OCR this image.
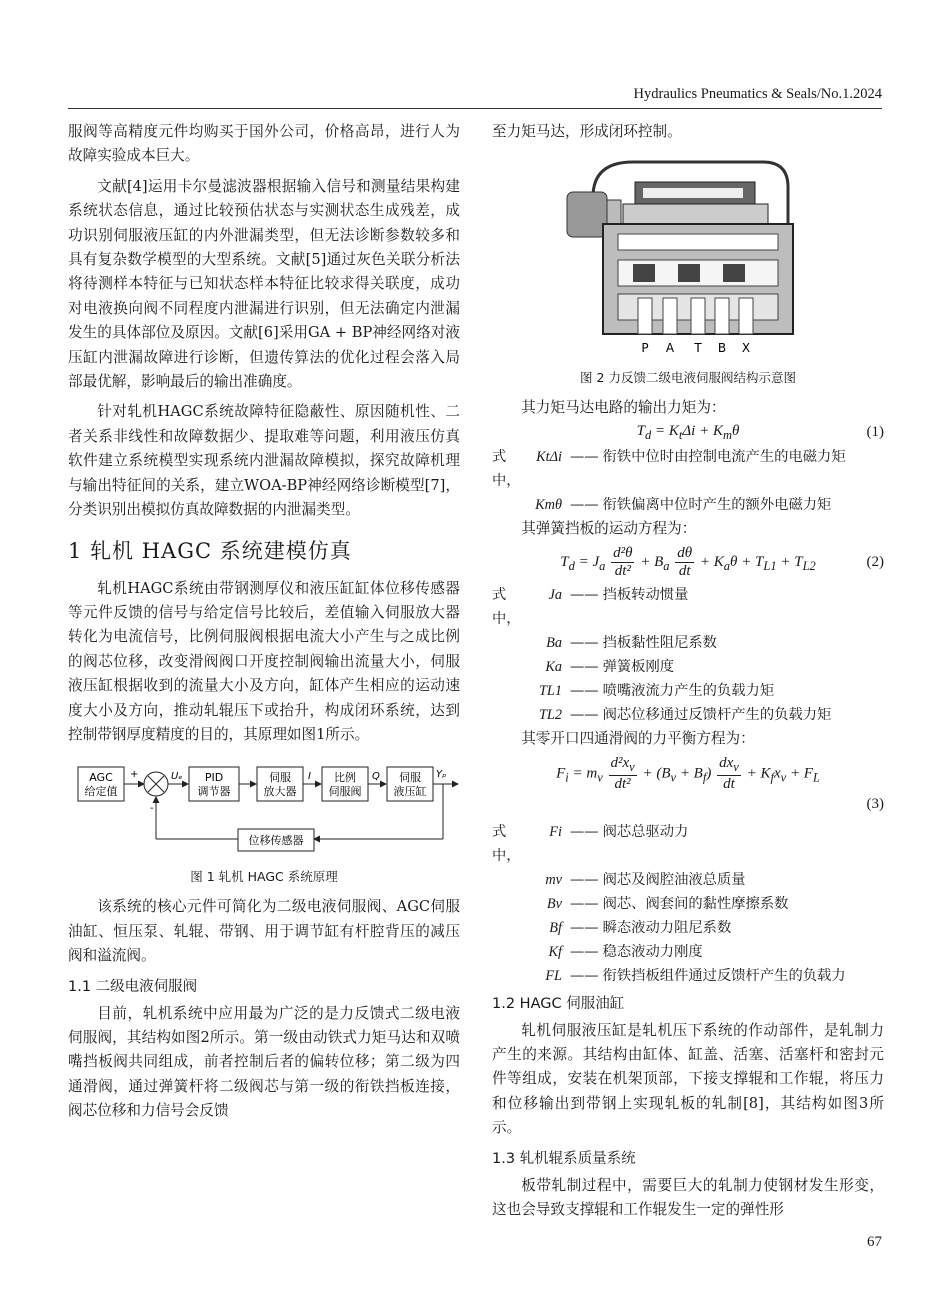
Hydraulics Pneumatics & Seals/No.1.2024

服阀等高精度元件均购买于国外公司，价格高昂，进行人为故障实验成本巨大。

文献[4]运用卡尔曼滤波器根据输入信号和测量结果构建系统状态信息，通过比较预估状态与实测状态生成残差，成功识别伺服液压缸的内外泄漏类型，但无法诊断参数较多和具有复杂数学模型的大型系统。文献[5]通过灰色关联分析法将待测样本特征与已知状态样本特征比较求得关联度，成功对电液换向阀不同程度内泄漏进行识别，但无法确定内泄漏发生的具体部位及原因。文献[6]采用GA + BP神经网络对液压缸内泄漏故障进行诊断，但遗传算法的优化过程会落入局部最优解，影响最后的输出准确度。

针对轧机HAGC系统故障特征隐蔽性、原因随机性、二者关系非线性和故障数据少、提取难等问题，利用液压仿真软件建立系统模型实现系统内泄漏故障模拟，探究故障机理与输出特征间的关系，建立WOA-BP神经网络诊断模型[7]，分类识别出模拟仿真故障数据的内泄漏类型。

1 轧机 HAGC 系统建模仿真

轧机HAGC系统由带钢测厚仪和液压缸缸体位移传感器等元件反馈的信号与给定信号比较后，差值输入伺服放大器转化为电流信号，比例伺服阀根据电流大小产生与之成比例的阀芯位移，改变滑阀阀口开度控制阀输出流量大小，伺服液压缸根据收到的流量大小及方向，缸体产生相应的运动速度大小及方向，推动轧辊压下或抬升，构成闭环系统，达到控制带钢厚度精度的目的，其原理如图1所示。

AGC
给定值
+
-
Uₑ PID
调节器
伺服
放大器
I 比例
伺服阀
Q 伺服
液压缸
Yₚ
位移传感器
图 1 轧机 HAGC 系统原理

该系统的核心元件可简化为二级电液伺服阀、AGC伺服油缸、恒压泵、轧辊、带钢、用于调节缸有杆腔背压的减压阀和溢流阀。

1.1 二级电液伺服阀

目前，轧机系统中应用最为广泛的是力反馈式二级电液伺服阀，其结构如图2所示。第一级由动铁式力矩马达和双喷嘴挡板阀共同组成，前者控制后者的偏转位移；第二级为四通滑阀，通过弹簧杆将二级阀芯与第一级的衔铁挡板连接，阀芯位移和力信号会反馈

至力矩马达，形成闭环控制。

P A T B X
图 2 力反馈二级电液伺服阀结构示意图

其力矩马达电路的输出力矩为：

$T_d = K_t\Delta i + K_m\theta$	(1)
式中，
KtΔi —— 衔铁中位时由控制电流产生的电磁力矩
Kmθ —— 衔铁偏离中位时产生的额外电磁力矩

其弹簧挡板的运动方程为：

$T_d = J_a \frac{\text{d²θ}}{\text{dt²}} + B_a \frac{d\theta}{dt} + K_a\theta + T_{L1} + T_{L2}$	(2)
式中，
Ja —— 挡板转动惯量
Ba —— 挡板黏性阻尼系数
Ka —— 弹簧板刚度
TL1 —— 喷嘴液流力产生的负载力矩
TL2 —— 阀芯位移通过反馈杆产生的负载力矩

其零开口四通滑阀的力平衡方程为：

$F_i = m_v \frac{d^2x_v}{\text{dt²}} + (B_v + B_f) \frac{dx_v}{dt} + K_fx_v + F_L$
(3)
式中，
Fi —— 阀芯总驱动力
mv —— 阀芯及阀腔油液总质量
Bv —— 阀芯、阀套间的黏性摩擦系数
Bf —— 瞬态液动力阻尼系数
Kf —— 稳态液动力刚度
FL —— 衔铁挡板组件通过反馈杆产生的负载力
1.2 HAGC 伺服油缸

轧机伺服液压缸是轧机压下系统的作动部件，是轧制力产生的来源。其结构由缸体、缸盖、活塞、活塞杆和密封元件等组成，安装在机架顶部，下接支撑辊和工作辊，将压力和位移输出到带钢上实现轧板的轧制[8]，其结构如图3所示。

1.3 轧机辊系质量系统

板带轧制过程中，需要巨大的轧制力使钢材发生形变，这也会导致支撑辊和工作辊发生一定的弹性形

67
